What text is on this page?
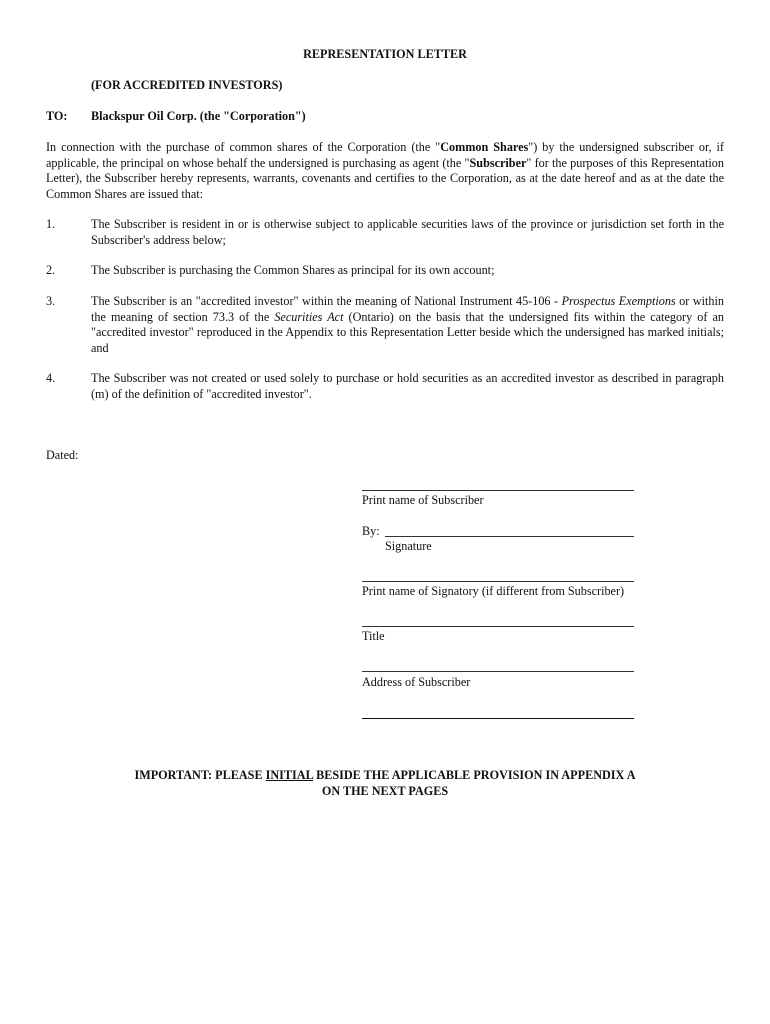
REPRESENTATION LETTER
(FOR ACCREDITED INVESTORS)
TO: Blackspur Oil Corp. (the "Corporation")
In connection with the purchase of common shares of the Corporation (the "Common Shares") by the undersigned subscriber or, if applicable, the principal on whose behalf the undersigned is purchasing as agent (the "Subscriber" for the purposes of this Representation Letter), the Subscriber hereby represents, warrants, covenants and certifies to the Corporation, as at the date hereof and as at the date the Common Shares are issued that:
1.	The Subscriber is resident in or is otherwise subject to applicable securities laws of the province or jurisdiction set forth in the Subscriber's address below;
2.	The Subscriber is purchasing the Common Shares as principal for its own account;
3.	The Subscriber is an "accredited investor" within the meaning of National Instrument 45-106 - Prospectus Exemptions or within the meaning of section 73.3 of the Securities Act (Ontario) on the basis that the undersigned fits within the category of an "accredited investor" reproduced in the Appendix to this Representation Letter beside which the undersigned has marked initials; and
4.	The Subscriber was not created or used solely to purchase or hold securities as an accredited investor as described in paragraph (m) of the definition of "accredited investor".
Dated:
Print name of Subscriber
By:
Signature
Print name of Signatory (if different from Subscriber)
Title
Address of Subscriber
IMPORTANT: PLEASE INITIAL BESIDE THE APPLICABLE PROVISION IN APPENDIX A
ON THE NEXT PAGES
